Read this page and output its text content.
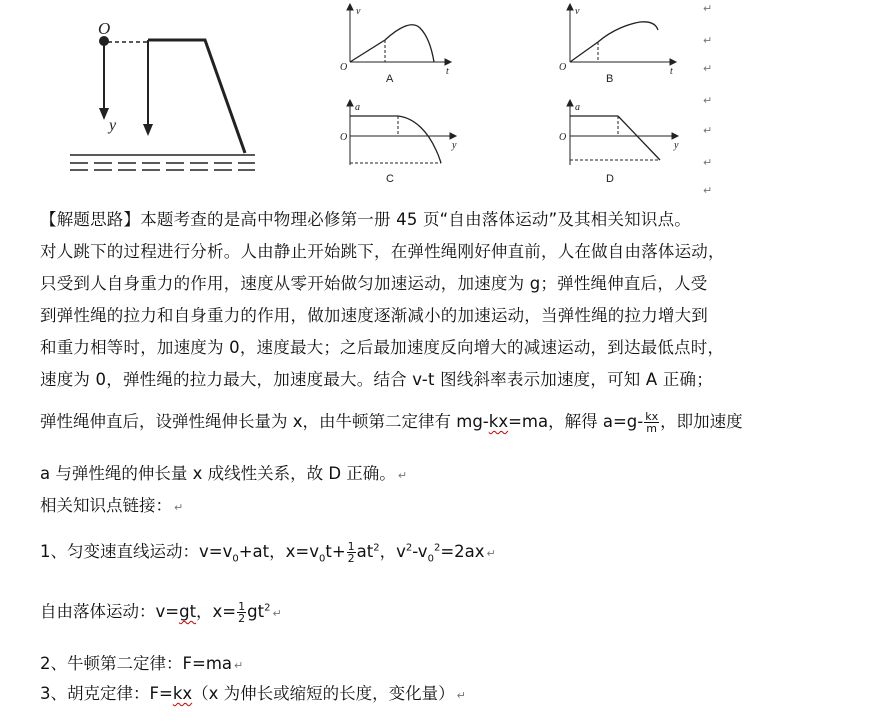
O
y
v
t
O
A
v
t
O
B
a
y
O
C
a
y
O
D
↵
↵
↵
↵
↵
↵
↵
【解题思路】本题考查的是高中物理必修第一册 45 页“自由落体运动”及其相关知识点。
对人跳下的过程进行分析。人由静止开始跳下，在弹性绳刚好伸直前，人在做自由落体运动，
只受到人自身重力的作用，速度从零开始做匀加速运动，加速度为 g；弹性绳伸直后，人受
到弹性绳的拉力和自身重力的作用，做加速度逐渐减小的加速运动，当弹性绳的拉力增大到
和重力相等时，加速度为 0，速度最大；之后最加速度反向增大的减速运动，到达最低点时，
速度为 0，弹性绳的拉力最大，加速度最大。结合 v-t 图线斜率表示加速度，可知 A 正确；
弹性绳伸直后，设弹性绳伸长量为 x，由牛顿第二定律有 mg-kx=ma，解得 $a=g- \frac{kx}{m}$ ，即加速度
a 与弹性绳的伸长量 x 成线性关系，故 D 正确。 ↵
相关知识点链接： ↵
1、匀变速直线运动：$v=v_0+at$，$x=v_0t+ \frac{1}{2} at^2$，$v^2-v_0^2=2ax$ ↵
自由落体运动：v=gt，$x= \frac{1}{2} gt^2$ ↵
2、牛顿第二定律：F=ma ↵
3、胡克定律：F=kx（x 为伸长或缩短的长度，变化量） ↵
